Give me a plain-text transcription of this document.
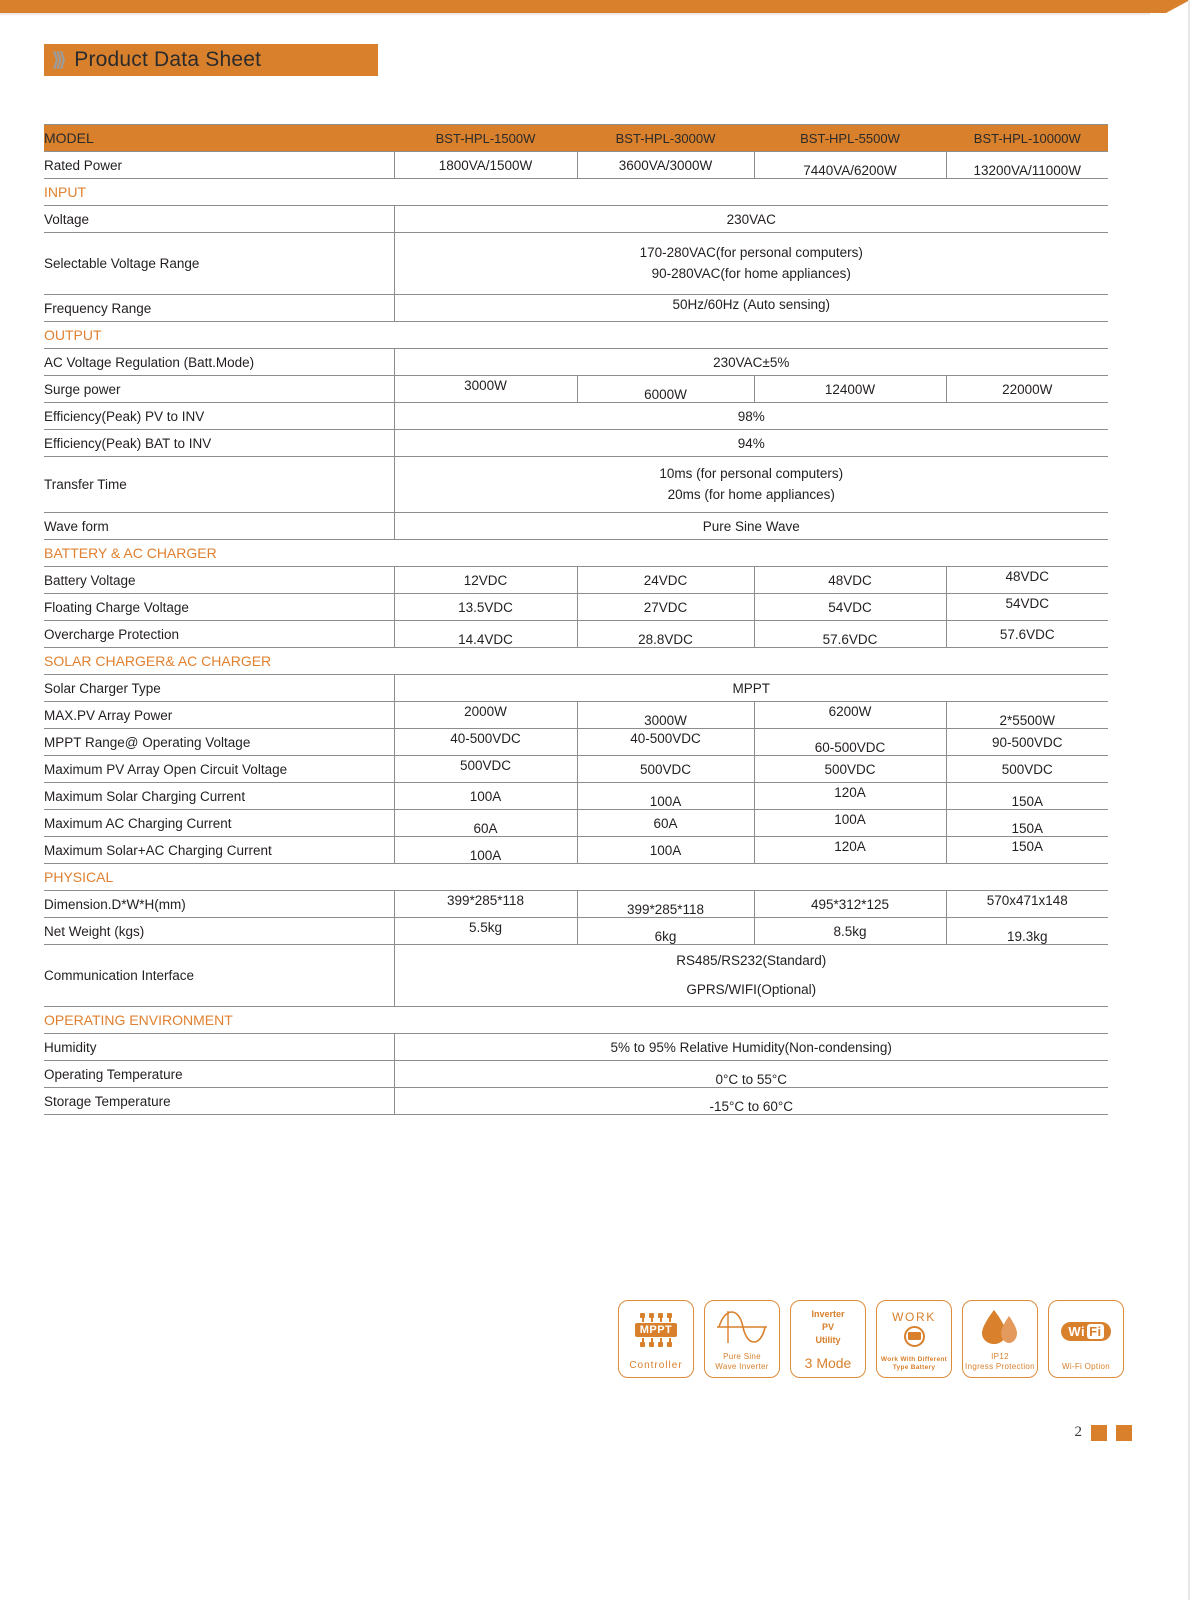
⟩⟩⟩ Product Data Sheet
MODEL	BST-HPL-1500W	BST-HPL-3000W	BST-HPL-5500W	BST-HPL-10000W
Rated Power	1800VA/1500W	3600VA/3000W	7440VA/6200W	13200VA/11000W
INPUT				
Voltage	230VAC			
Selectable Voltage Range	170-280VAC(for personal computers)
90-280VAC(for home appliances)			

Frequency Range	50Hz/60Hz (Auto sensing)			
OUTPUT				
AC Voltage Regulation (Batt.Mode)	230VAC±5%			
Surge power	3000W	6000W	12400W	22000W
Efficiency(Peak) PV to INV	98%			
Efficiency(Peak) BAT to INV	94%			
Transfer Time	10ms (for personal computers)
20ms (for home appliances)			

Wave form	Pure Sine Wave			
BATTERY & AC CHARGER				
Battery Voltage	12VDC	24VDC	48VDC	48VDC
Floating Charge Voltage	13.5VDC	27VDC	54VDC	54VDC
Overcharge Protection	14.4VDC	28.8VDC	57.6VDC	57.6VDC
SOLAR CHARGER& AC CHARGER				
Solar Charger Type	MPPT			
MAX.PV Array Power	2000W	3000W	6200W	2*5500W
MPPT Range@ Operating Voltage	40-500VDC	40-500VDC	60-500VDC	90-500VDC
Maximum PV Array Open Circuit Voltage	500VDC	500VDC	500VDC	500VDC
Maximum Solar Charging Current	100A	100A	120A	150A
Maximum AC Charging Current	60A	60A	100A	150A
Maximum Solar+AC Charging Current	100A	100A	120A	150A
PHYSICAL				
Dimension.D*W*H(mm)	399*285*118	399*285*118	495*312*125	570x471x148
Net Weight (kgs)	5.5kg	6kg	8.5kg	19.3kg
Communication Interface	RS485/RS232(Standard)
GPRS/WIFI(Optional)			

OPERATING ENVIRONMENT				
Humidity	5% to 95% Relative Humidity(Non-condensing)			
Operating Temperature	0°C to 55°C			
Storage Temperature	-15°C to 60°C			
MPPT
Controller
Pure Sine
Wave Inverter
Inverter
PV
Utility
3 Mode
WORK
Work With Different
Type Battery
IP12
Ingress Protection
Wi Fi
Wi-Fi Option
2
